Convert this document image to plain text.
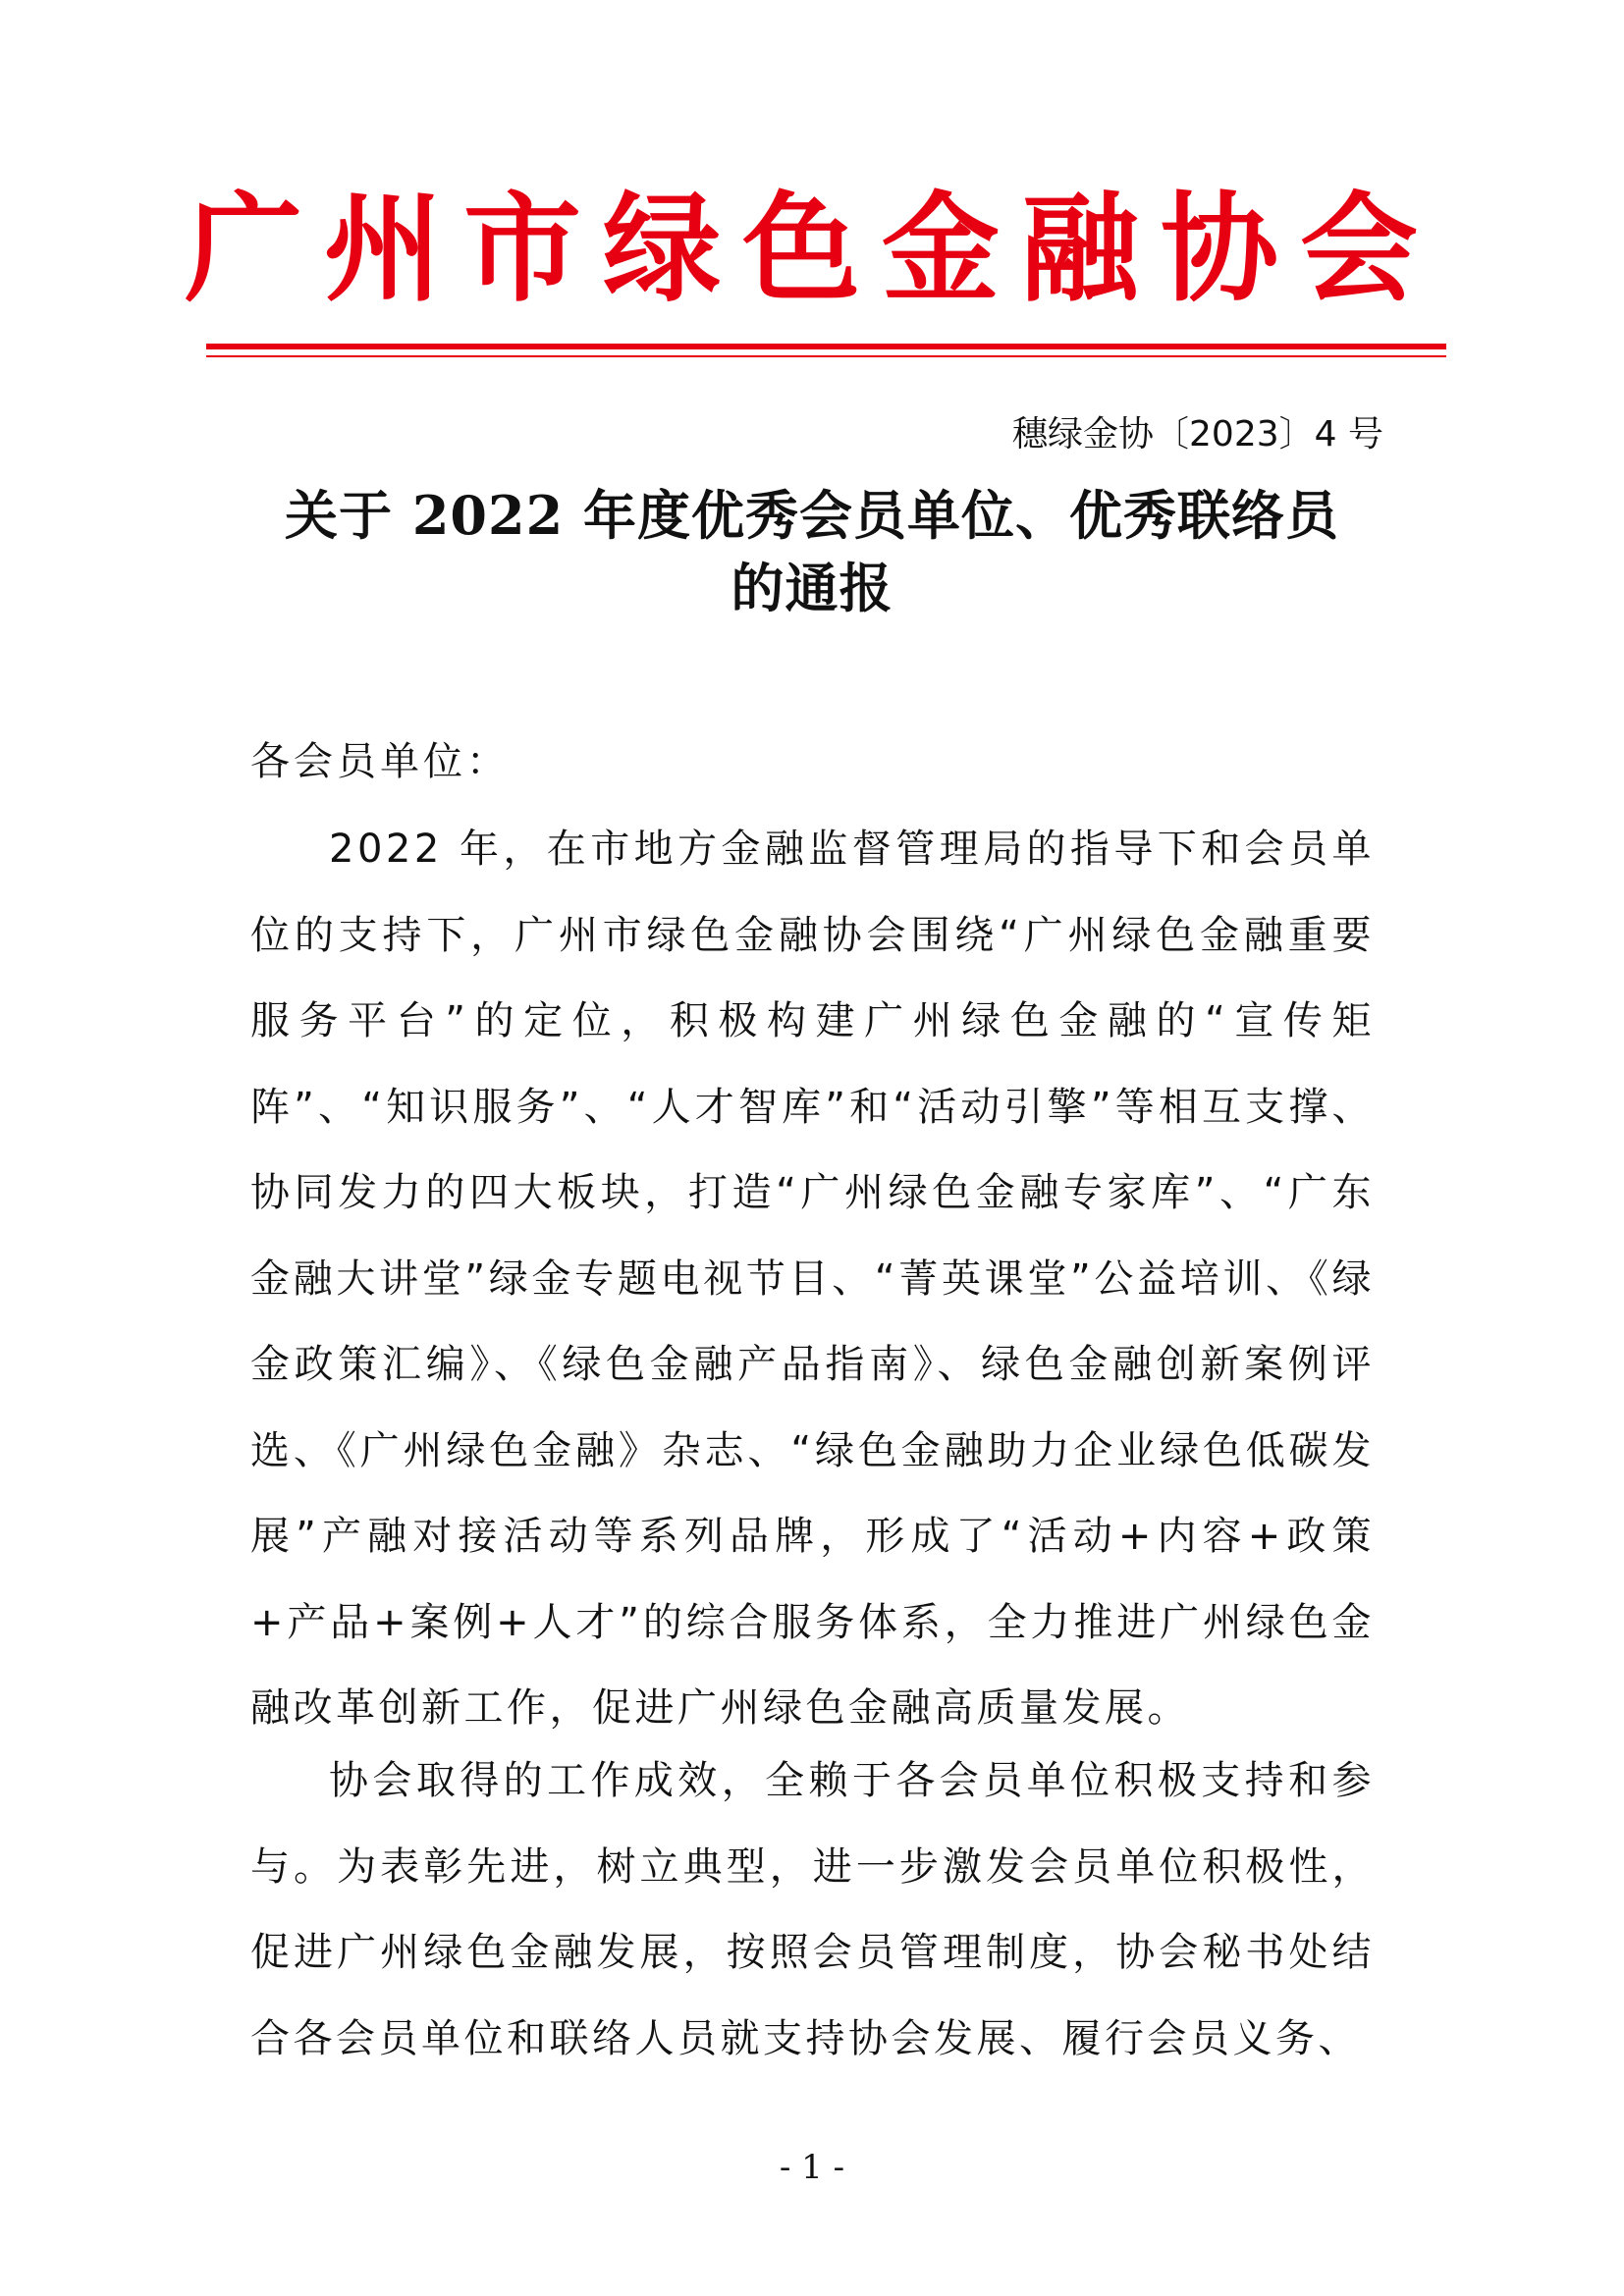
广州市绿色金融协会
穗绿金协〔2023〕4 号
关于 2022 年度优秀会员单位、优秀联络员
的通报
各会员单位：

2022 年，在市地方金融监督管理局的指导下和会员单位的支持下，广州市绿色金融协会围绕“广州绿色金融重要服务平台”的定位，积极构建广州绿色金融的“宣传矩阵”、“知识服务”、“人才智库”和“活动引擎”等相互支撑、协同发力的四大板块，打造“广州绿色金融专家库”、“广东金融大讲堂”绿金专题电视节目、“菁英课堂”公益培训、《绿金政策汇编》、《绿色金融产品指南》、绿色金融创新案例评选、《广州绿色金融》杂志、“绿色金融助力企业绿色低碳发展”产融对接活动等系列品牌，形成了“活动+内容+政策+产品+案例+人才”的综合服务体系，全力推进广州绿色金融改革创新工作，促进广州绿色金融高质量发展。

协会取得的工作成效，全赖于各会员单位积极支持和参与。为表彰先进，树立典型，进一步激发会员单位积极性，促进广州绿色金融发展，按照会员管理制度，协会秘书处结合各会员单位和联络人员就支持协会发展、履行会员义务、

- 1 -
